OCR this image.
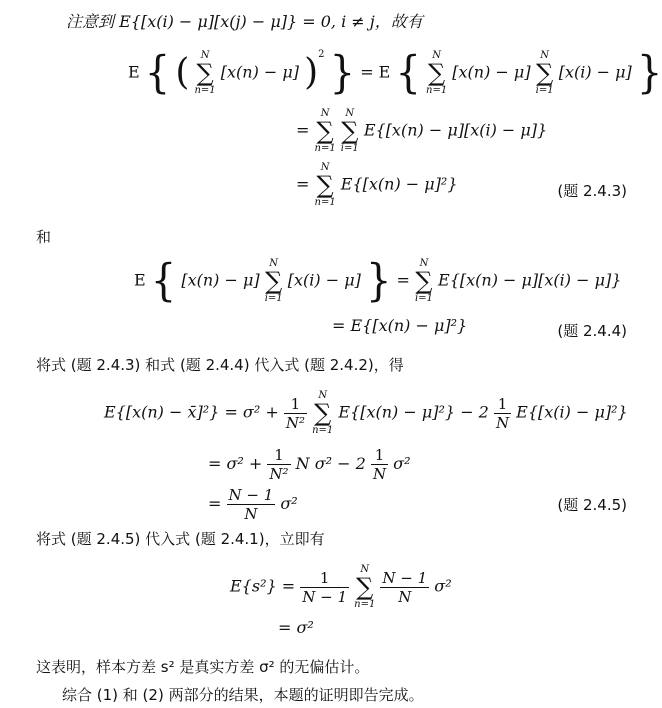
注意到 E{[x(i) − μ][x(j) − μ]} = 0, i ≠ j，故有
E { (	N
∑
n=1
[x(n) − μ] )$^2$ } = E {	N
∑
n=1
[x(n) − μ]
N
∑
i=1
[x(i) − μ] }
=
N
∑
n=1

N
∑
i=1
E{[x(n) − μ][x(i) − μ]}
=
N
∑
n=1
E{[x(n) − μ]²}	(题 2.4.3)
和
E { [x(n) − μ]
N
∑
i=1
[x(i) − μ] } =
N
∑
i=1
E{[x(n) − μ][x(i) − μ]}
= E{[x(n) − μ]²}	(题 2.4.4)
将式 (题 2.4.3) 和式 (题 2.4.4) 代入式 (题 2.4.2)，得
E{[x(n) − x̄]²} = $\sigma^2 + \frac{1}{\text{N²}}$
	N
∑
n=1
$E\{[x(n) - \mu]^2\} - 2 \frac{1}{N} E\{[x(i) - \mu]^2\}$
= $\sigma^2 + \frac{1}{\text{N²}}$ N $\sigma^2 - 2 \frac{1}{N} \sigma^2$
= $\frac{N - 1}{N} \sigma^2$	(题 2.4.5)
将式 (题 2.4.5) 代入式 (题 2.4.1)，立即有
$E\{s^2\} = \frac{1}{N - 1}$
	N
∑
n=1
$\frac{N - 1}{N} \sigma^2$
= σ²
这表明，样本方差 s² 是真实方差 σ² 的无偏估计。
综合 (1) 和 (2) 两部分的结果，本题的证明即告完成。
